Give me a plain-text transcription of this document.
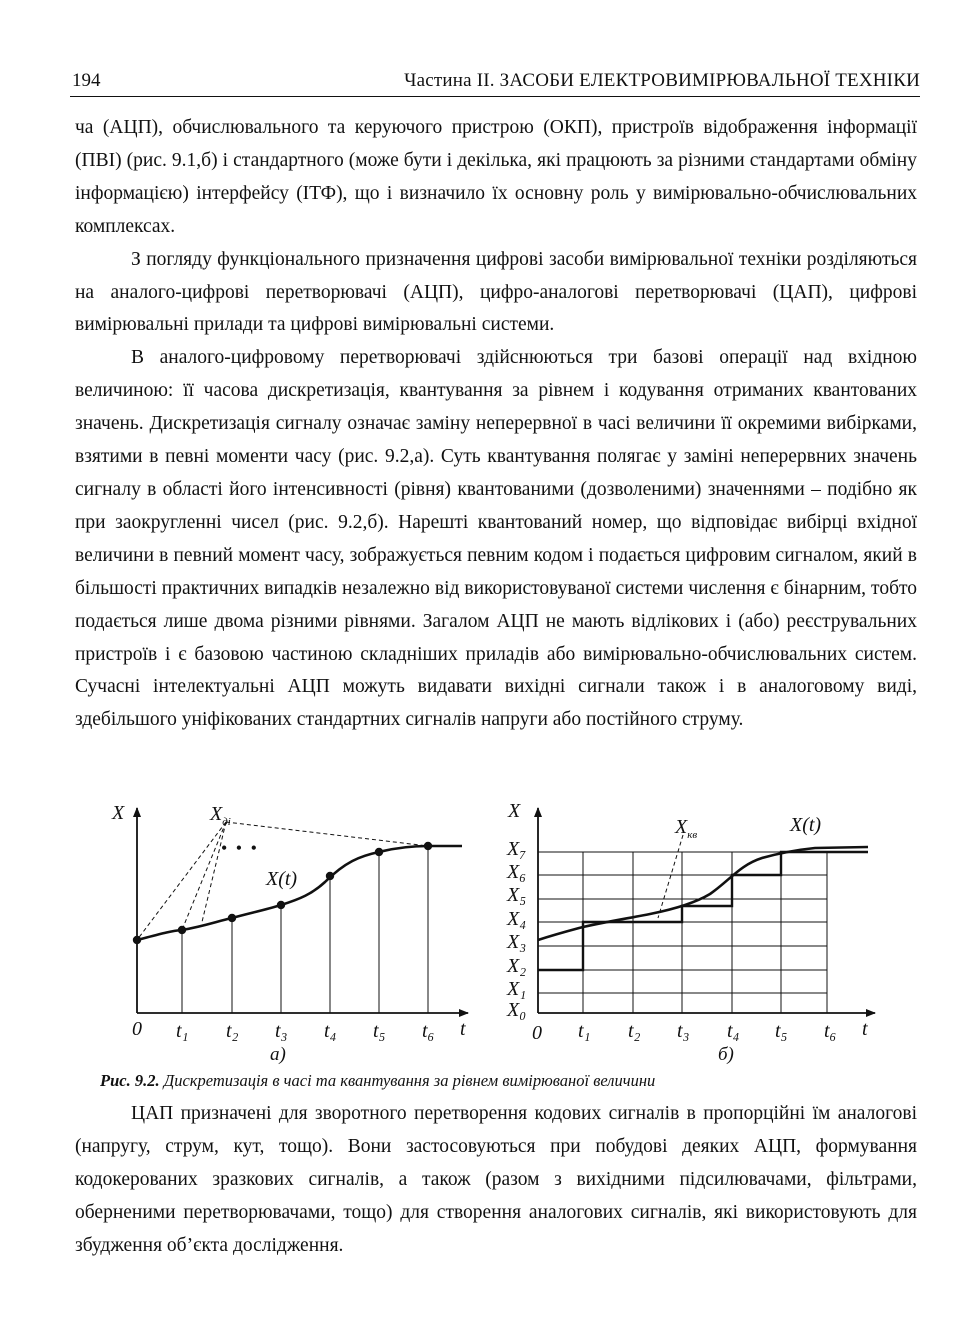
194	Частина ІІ. ЗАСОБИ ЕЛЕКТРОВИМІРЮВАЛЬНОЇ ТЕХНІКИ

ча (АЦП), обчислювального та керуючого пристрою (ОКП), пристроїв відображення інформації (ПВІ) (рис. 9.1,б) і стандартного (може бути і декілька, які працюють за різними стандартами обміну інформацією) інтерфейсу (ІТФ), що і визначило їх основну роль у вимірювально-обчислювальних комплексах.

З погляду функціонального призначення цифрові засоби вимірювальної техніки розділяються на аналого-цифрові перетворювачі (АЦП), цифро-аналогові перетворювачі (ЦАП), цифрові вимірювальні прилади та цифрові вимірювальні системи.

В аналого-цифровому перетворювачі здійснюються три базові операції над вхідною величиною: її часова дискретизація, квантування за рівнем і кодування отриманих квантованих значень. Дискретизація сигналу означає заміну неперервної в часі величини її окремими вибірками, взятими в певні моменти часу (рис. 9.2,а). Суть квантування полягає у заміні неперервних значень сигналу в області його інтенсивності (рівня) квантованими (дозволеними) значеннями – подібно як при заокругленні чисел (рис. 9.2,б). Нарешті квантований номер, що відповідає вибірці вхідної величини в певний момент часу, зображується певним кодом і подається цифровим сигналом, який в більшості практичних випадків незалежно від використовуваної системи числення є бінарним, тобто подається лише двома різними рівнями. Загалом АЦП не мають відлікових і (або) реєструвальних пристроїв і є базовою частиною складніших приладів або вимірювально-обчислювальних систем. Сучасні інтелектуальні АЦП можуть видавати вихідні сигнали також і в аналоговому виді, здебільшого уніфікованих стандартних сигналів напруги або постійного струму.

X	$X_{ді}$
• • •
X(t)
0 t₁ t₂ t₃ t₄ t₅ t₆ t
а)
X
$X_{кв}$	X(t)
X₇
X₆
X₅
X₄
X₃
X₂
X₁
X₀
0 t₁ t₂ t₃ t₄ t₅ t₆ t
б)
Рис. 9.2. Дискретизація в часі та квантування за рівнем вимірюваної величини

ЦАП призначені для зворотного перетворення кодових сигналів в пропорційні їм аналогові (напругу, струм, кут, тощо). Вони застосовуються при побудові деяких АЦП, формування кодокерованих зразкових сигналів, а також (разом з вихідними підсилювачами, фільтрами, оберненими перетворювачами, тощо) для створення аналогових сигналів, які використовують для збудження об’єкта дослідження.
